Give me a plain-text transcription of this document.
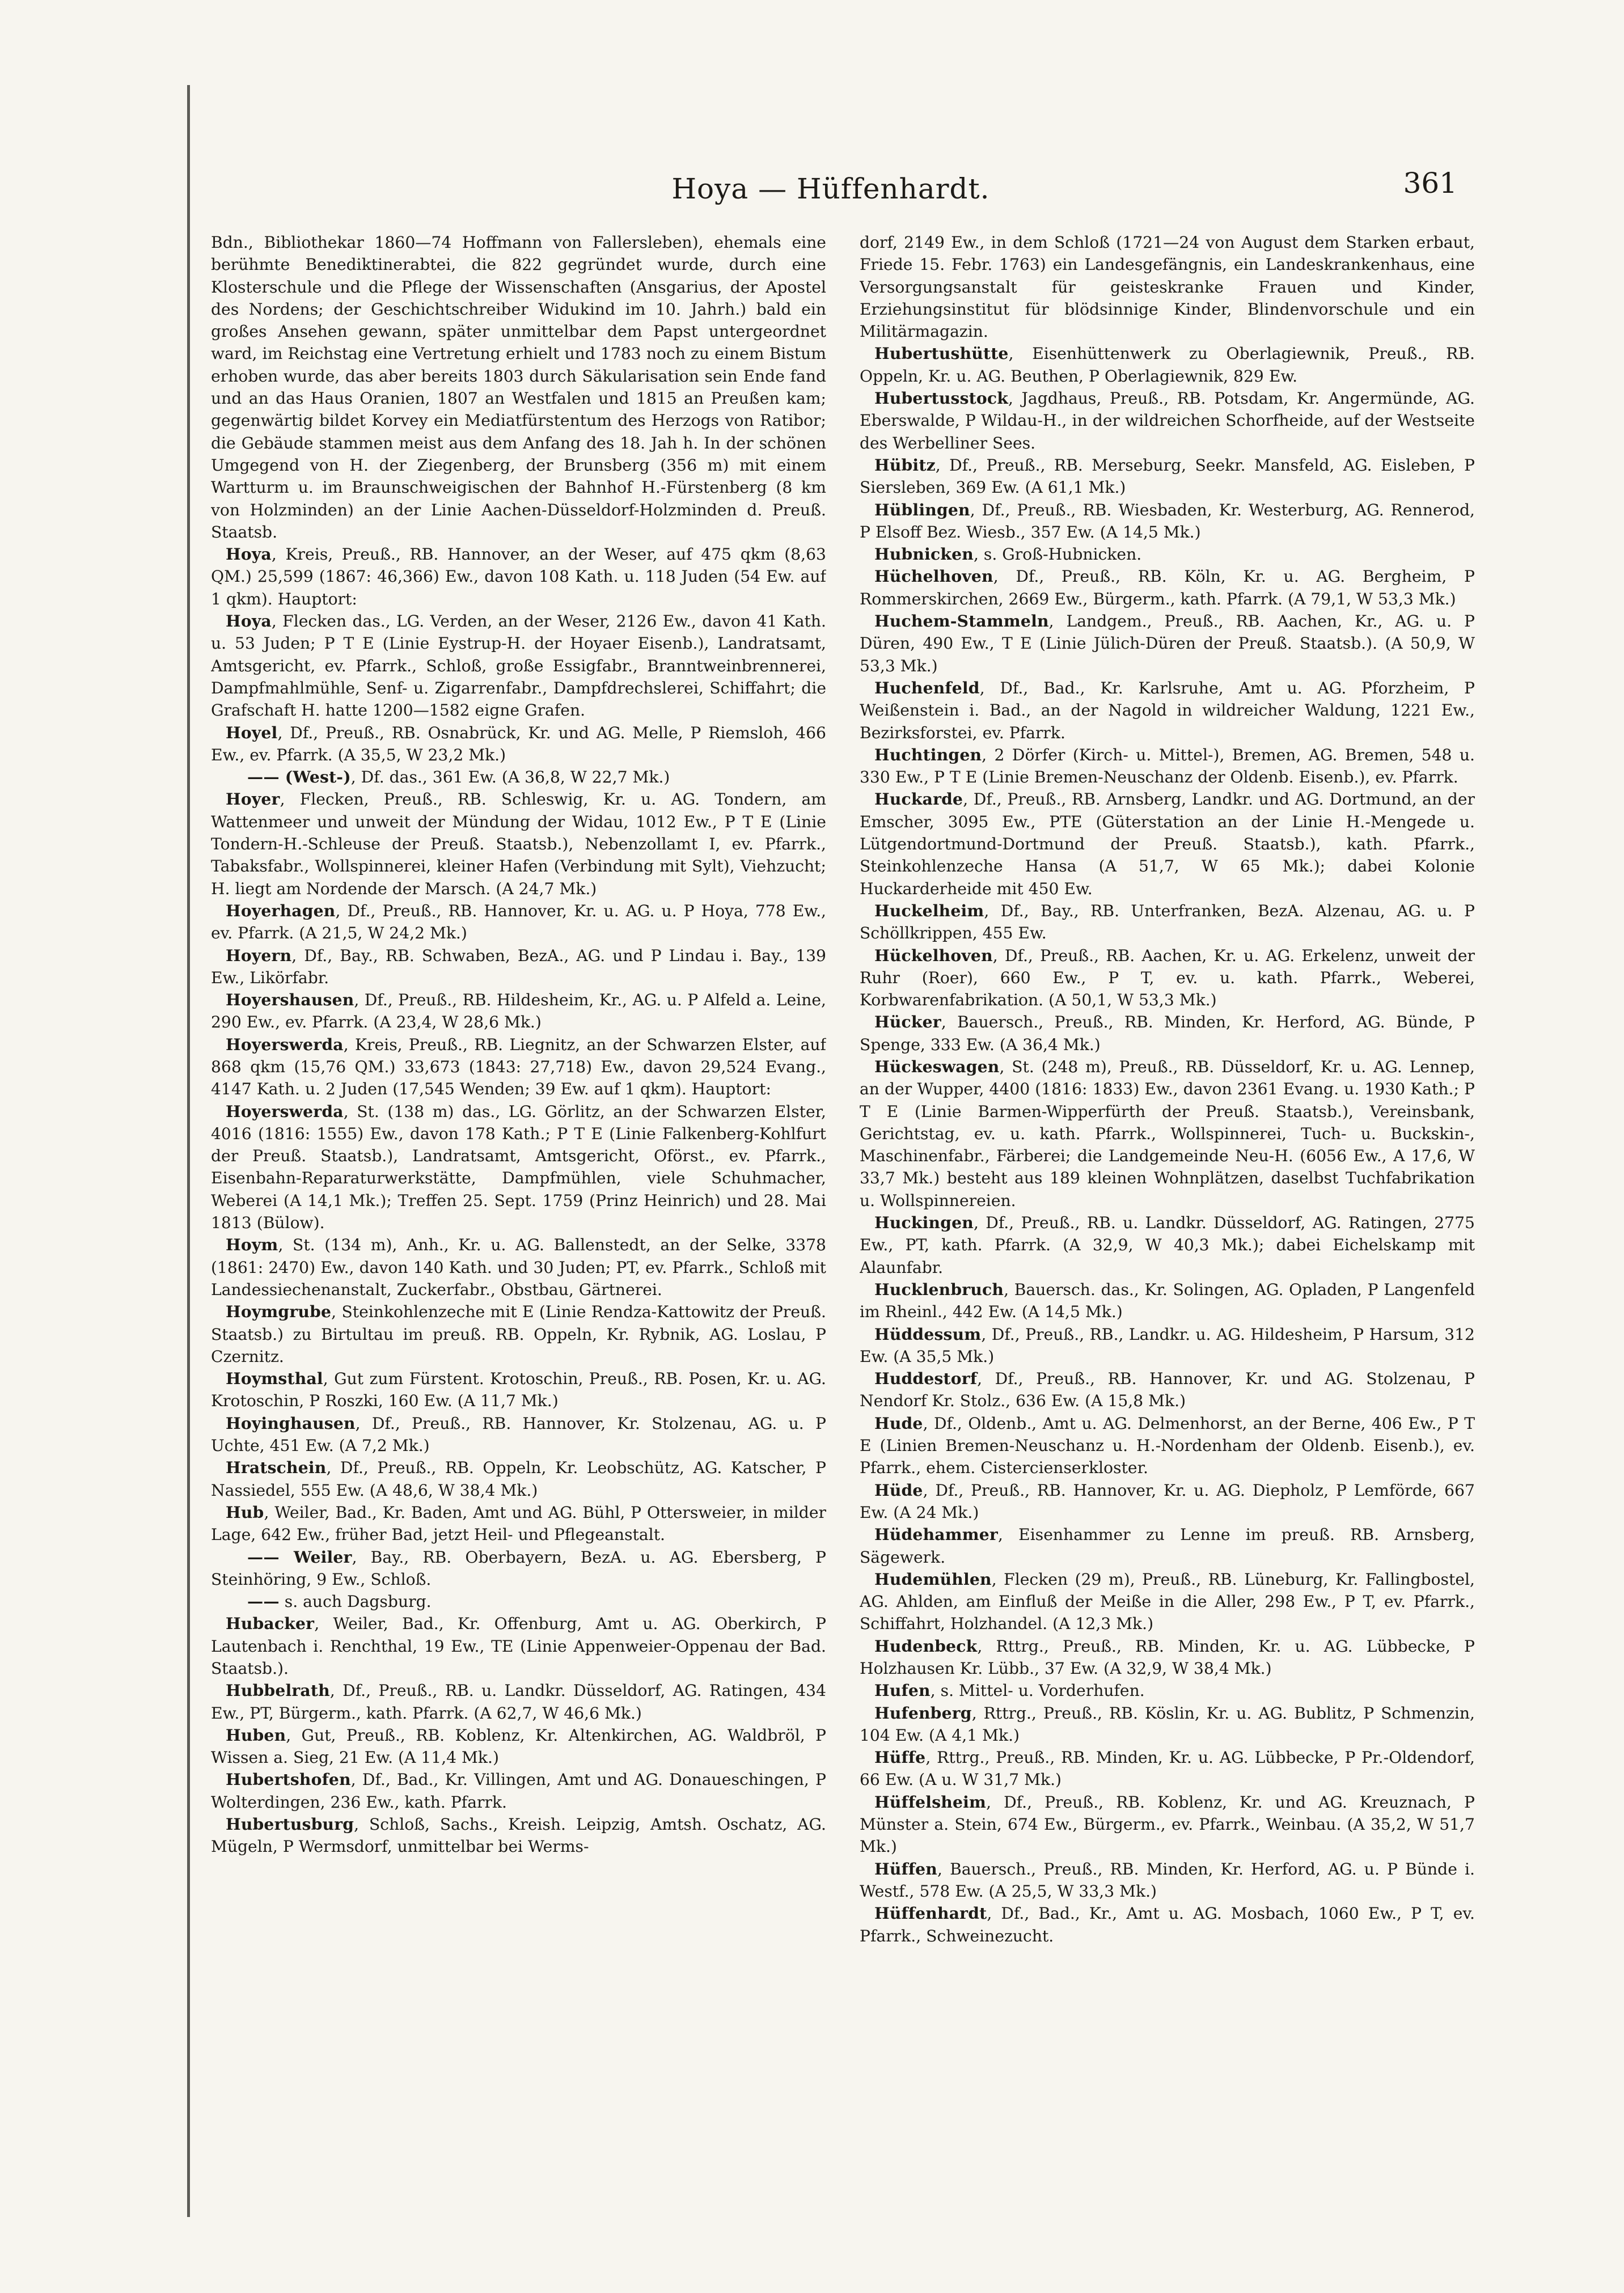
Hoya — Hüffenhardt.	361

Bdn., Bibliothekar 1860—74 Hoffmann von Fallersleben), ehemals eine berühmte Benediktinerabtei, die 822 gegründet wurde, durch eine Klosterschule und die Pflege der Wissenschaften (Ansgarius, der Apostel des Nordens; der Geschichtschreiber Widukind im 10. Jahrh.) bald ein großes Ansehen gewann, später unmittelbar dem Papst untergeordnet ward, im Reichstag eine Vertretung erhielt und 1783 noch zu einem Bistum erhoben wurde, das aber bereits 1803 durch Säkularisation sein Ende fand und an das Haus Oranien, 1807 an Westfalen und 1815 an Preußen kam; gegenwärtig bildet Korvey ein Mediatfürstentum des Herzogs von Ratibor; die Gebäude stammen meist aus dem Anfang des 18. Jah h. In der schönen Umgegend von H. der Ziegenberg, der Brunsberg (356 m) mit einem Wartturm u. im Braunschweigischen der Bahnhof H.-Fürstenberg (8 km von Holzminden) an der Linie Aachen-Düsseldorf-Holzminden d. Preuß. Staatsb.

Hoya, Kreis, Preuß., RB. Hannover, an der Weser, auf 475 qkm (8,63 QM.) 25,599 (1867: 46,366) Ew., davon 108 Kath. u. 118 Juden (54 Ew. auf 1 qkm). Hauptort:

Hoya, Flecken das., LG. Verden, an der Weser, 2126 Ew., davon 41 Kath. u. 53 Juden; P T E (Linie Eystrup-H. der Hoyaer Eisenb.), Landratsamt, Amtsgericht, ev. Pfarrk., Schloß, große Essigfabr., Branntweinbrennerei, Dampfmahlmühle, Senf- u. Zigarrenfabr., Dampfdrechslerei, Schiffahrt; die Grafschaft H. hatte 1200—1582 eigne Grafen.

Hoyel, Df., Preuß., RB. Osnabrück, Kr. und AG. Melle, P Riemsloh, 466 Ew., ev. Pfarrk. (A 35,5, W 23,2 Mk.)

—— (West-), Df. das., 361 Ew. (A 36,8, W 22,7 Mk.)

Hoyer, Flecken, Preuß., RB. Schleswig, Kr. u. AG. Tondern, am Wattenmeer und unweit der Mündung der Widau, 1012 Ew., P T E (Linie Tondern-H.-Schleuse der Preuß. Staatsb.), Nebenzollamt I, ev. Pfarrk., Tabaksfabr., Wollspinnerei, kleiner Hafen (Verbindung mit Sylt), Viehzucht; H. liegt am Nordende der Marsch. (A 24,7 Mk.)

Hoyerhagen, Df., Preuß., RB. Hannover, Kr. u. AG. u. P Hoya, 778 Ew., ev. Pfarrk. (A 21,5, W 24,2 Mk.)

Hoyern, Df., Bay., RB. Schwaben, BezA., AG. und P Lindau i. Bay., 139 Ew., Likörfabr.

Hoyershausen, Df., Preuß., RB. Hildesheim, Kr., AG. u. P Alfeld a. Leine, 290 Ew., ev. Pfarrk. (A 23,4, W 28,6 Mk.)

Hoyerswerda, Kreis, Preuß., RB. Liegnitz, an der Schwarzen Elster, auf 868 qkm (15,76 QM.) 33,673 (1843: 27,718) Ew., davon 29,524 Evang., 4147 Kath. u. 2 Juden (17,545 Wenden; 39 Ew. auf 1 qkm). Hauptort:

Hoyerswerda, St. (138 m) das., LG. Görlitz, an der Schwarzen Elster, 4016 (1816: 1555) Ew., davon 178 Kath.; P T E (Linie Falkenberg-Kohlfurt der Preuß. Staatsb.), Landratsamt, Amtsgericht, Oförst., ev. Pfarrk., Eisenbahn-Reparaturwerkstätte, Dampfmühlen, viele Schuhmacher, Weberei (A 14,1 Mk.); Treffen 25. Sept. 1759 (Prinz Heinrich) und 28. Mai 1813 (Bülow).

Hoym, St. (134 m), Anh., Kr. u. AG. Ballenstedt, an der Selke, 3378 (1861: 2470) Ew., davon 140 Kath. und 30 Juden; PT, ev. Pfarrk., Schloß mit Landessiechenanstalt, Zuckerfabr., Obstbau, Gärtnerei.

Hoymgrube, Steinkohlenzeche mit E (Linie Rendza-Kattowitz der Preuß. Staatsb.) zu Birtultau im preuß. RB. Oppeln, Kr. Rybnik, AG. Loslau, P Czernitz.

Hoymsthal, Gut zum Fürstent. Krotoschin, Preuß., RB. Posen, Kr. u. AG. Krotoschin, P Roszki, 160 Ew. (A 11,7 Mk.)

Hoyinghausen, Df., Preuß., RB. Hannover, Kr. Stolzenau, AG. u. P Uchte, 451 Ew. (A 7,2 Mk.)

Hratschein, Df., Preuß., RB. Oppeln, Kr. Leobschütz, AG. Katscher, P Nassiedel, 555 Ew. (A 48,6, W 38,4 Mk.)

Hub, Weiler, Bad., Kr. Baden, Amt und AG. Bühl, P Ottersweier, in milder Lage, 642 Ew., früher Bad, jetzt Heil- und Pflegeanstalt.

—— Weiler, Bay., RB. Oberbayern, BezA. u. AG. Ebersberg, P Steinhöring, 9 Ew., Schloß.

—— s. auch Dagsburg.

Hubacker, Weiler, Bad., Kr. Offenburg, Amt u. AG. Oberkirch, P Lautenbach i. Renchthal, 19 Ew., TE (Linie Appenweier-Oppenau der Bad. Staatsb.).

Hubbelrath, Df., Preuß., RB. u. Landkr. Düsseldorf, AG. Ratingen, 434 Ew., PT, Bürgerm., kath. Pfarrk. (A 62,7, W 46,6 Mk.)

Huben, Gut, Preuß., RB. Koblenz, Kr. Altenkirchen, AG. Waldbröl, P Wissen a. Sieg, 21 Ew. (A 11,4 Mk.)

Hubertshofen, Df., Bad., Kr. Villingen, Amt und AG. Donaueschingen, P Wolterdingen, 236 Ew., kath. Pfarrk.

Hubertusburg, Schloß, Sachs., Kreish. Leipzig, Amtsh. Oschatz, AG. Mügeln, P Wermsdorf, unmittelbar bei Werms-

dorf, 2149 Ew., in dem Schloß (1721—24 von August dem Starken erbaut, Friede 15. Febr. 1763) ein Landesgefängnis, ein Landeskrankenhaus, eine Versorgungsanstalt für geisteskranke Frauen und Kinder, Erziehungsinstitut für blödsinnige Kinder, Blindenvorschule und ein Militärmagazin.

Hubertushütte, Eisenhüttenwerk zu Oberlagiewnik, Preuß., RB. Oppeln, Kr. u. AG. Beuthen, P Oberlagiewnik, 829 Ew.

Hubertusstock, Jagdhaus, Preuß., RB. Potsdam, Kr. Angermünde, AG. Eberswalde, P Wildau-H., in der wildreichen Schorfheide, auf der Westseite des Werbelliner Sees.

Hübitz, Df., Preuß., RB. Merseburg, Seekr. Mansfeld, AG. Eisleben, P Siersleben, 369 Ew. (A 61,1 Mk.)

Hüblingen, Df., Preuß., RB. Wiesbaden, Kr. Westerburg, AG. Rennerod, P Elsoff Bez. Wiesb., 357 Ew. (A 14,5 Mk.)

Hubnicken, s. Groß-Hubnicken.

Hüchelhoven, Df., Preuß., RB. Köln, Kr. u. AG. Bergheim, P Rommerskirchen, 2669 Ew., Bürgerm., kath. Pfarrk. (A 79,1, W 53,3 Mk.)

Huchem-Stammeln, Landgem., Preuß., RB. Aachen, Kr., AG. u. P Düren, 490 Ew., T E (Linie Jülich-Düren der Preuß. Staatsb.). (A 50,9, W 53,3 Mk.)

Huchenfeld, Df., Bad., Kr. Karlsruhe, Amt u. AG. Pforzheim, P Weißenstein i. Bad., an der Nagold in wildreicher Waldung, 1221 Ew., Bezirksforstei, ev. Pfarrk.

Huchtingen, 2 Dörfer (Kirch- u. Mittel-), Bremen, AG. Bremen, 548 u. 330 Ew., P T E (Linie Bremen-Neuschanz der Oldenb. Eisenb.), ev. Pfarrk.

Huckarde, Df., Preuß., RB. Arnsberg, Landkr. und AG. Dortmund, an der Emscher, 3095 Ew., PTE (Güterstation an der Linie H.-Mengede u. Lütgendortmund-Dortmund der Preuß. Staatsb.), kath. Pfarrk., Steinkohlenzeche Hansa (A 51,7, W 65 Mk.); dabei Kolonie Huckarderheide mit 450 Ew.

Huckelheim, Df., Bay., RB. Unterfranken, BezA. Alzenau, AG. u. P Schöllkrippen, 455 Ew.

Hückelhoven, Df., Preuß., RB. Aachen, Kr. u. AG. Erkelenz, unweit der Ruhr (Roer), 660 Ew., P T, ev. u. kath. Pfarrk., Weberei, Korbwarenfabrikation. (A 50,1, W 53,3 Mk.)

Hücker, Bauersch., Preuß., RB. Minden, Kr. Herford, AG. Bünde, P Spenge, 333 Ew. (A 36,4 Mk.)

Hückeswagen, St. (248 m), Preuß., RB. Düsseldorf, Kr. u. AG. Lennep, an der Wupper, 4400 (1816: 1833) Ew., davon 2361 Evang. u. 1930 Kath.; P T E (Linie Barmen-Wipperfürth der Preuß. Staatsb.), Vereinsbank, Gerichtstag, ev. u. kath. Pfarrk., Wollspinnerei, Tuch- u. Buckskin-, Maschinenfabr., Färberei; die Landgemeinde Neu-H. (6056 Ew., A 17,6, W 33,7 Mk.) besteht aus 189 kleinen Wohnplätzen, daselbst Tuchfabrikation u. Wollspinnereien.

Huckingen, Df., Preuß., RB. u. Landkr. Düsseldorf, AG. Ratingen, 2775 Ew., PT, kath. Pfarrk. (A 32,9, W 40,3 Mk.); dabei Eichelskamp mit Alaunfabr.

Hucklenbruch, Bauersch. das., Kr. Solingen, AG. Opladen, P Langenfeld im Rheinl., 442 Ew. (A 14,5 Mk.)

Hüddessum, Df., Preuß., RB., Landkr. u. AG. Hildesheim, P Harsum, 312 Ew. (A 35,5 Mk.)

Huddestorf, Df., Preuß., RB. Hannover, Kr. und AG. Stolzenau, P Nendorf Kr. Stolz., 636 Ew. (A 15,8 Mk.)

Hude, Df., Oldenb., Amt u. AG. Delmenhorst, an der Berne, 406 Ew., P T E (Linien Bremen-Neuschanz u. H.-Nordenham der Oldenb. Eisenb.), ev. Pfarrk., ehem. Cistercienserkloster.

Hüde, Df., Preuß., RB. Hannover, Kr. u. AG. Diepholz, P Lemförde, 667 Ew. (A 24 Mk.)

Hüdehammer, Eisenhammer zu Lenne im preuß. RB. Arnsberg, Sägewerk.

Hudemühlen, Flecken (29 m), Preuß., RB. Lüneburg, Kr. Fallingbostel, AG. Ahlden, am Einfluß der Meiße in die Aller, 298 Ew., P T, ev. Pfarrk., Schiffahrt, Holzhandel. (A 12,3 Mk.)

Hudenbeck, Rttrg., Preuß., RB. Minden, Kr. u. AG. Lübbecke, P Holzhausen Kr. Lübb., 37 Ew. (A 32,9, W 38,4 Mk.)

Hufen, s. Mittel- u. Vorderhufen.

Hufenberg, Rttrg., Preuß., RB. Köslin, Kr. u. AG. Bublitz, P Schmenzin, 104 Ew. (A 4,1 Mk.)

Hüffe, Rttrg., Preuß., RB. Minden, Kr. u. AG. Lübbecke, P Pr.-Oldendorf, 66 Ew. (A u. W 31,7 Mk.)

Hüffelsheim, Df., Preuß., RB. Koblenz, Kr. und AG. Kreuznach, P Münster a. Stein, 674 Ew., Bürgerm., ev. Pfarrk., Weinbau. (A 35,2, W 51,7 Mk.)

Hüffen, Bauersch., Preuß., RB. Minden, Kr. Herford, AG. u. P Bünde i. Westf., 578 Ew. (A 25,5, W 33,3 Mk.)

Hüffenhardt, Df., Bad., Kr., Amt u. AG. Mosbach, 1060 Ew., P T, ev. Pfarrk., Schweinezucht.
